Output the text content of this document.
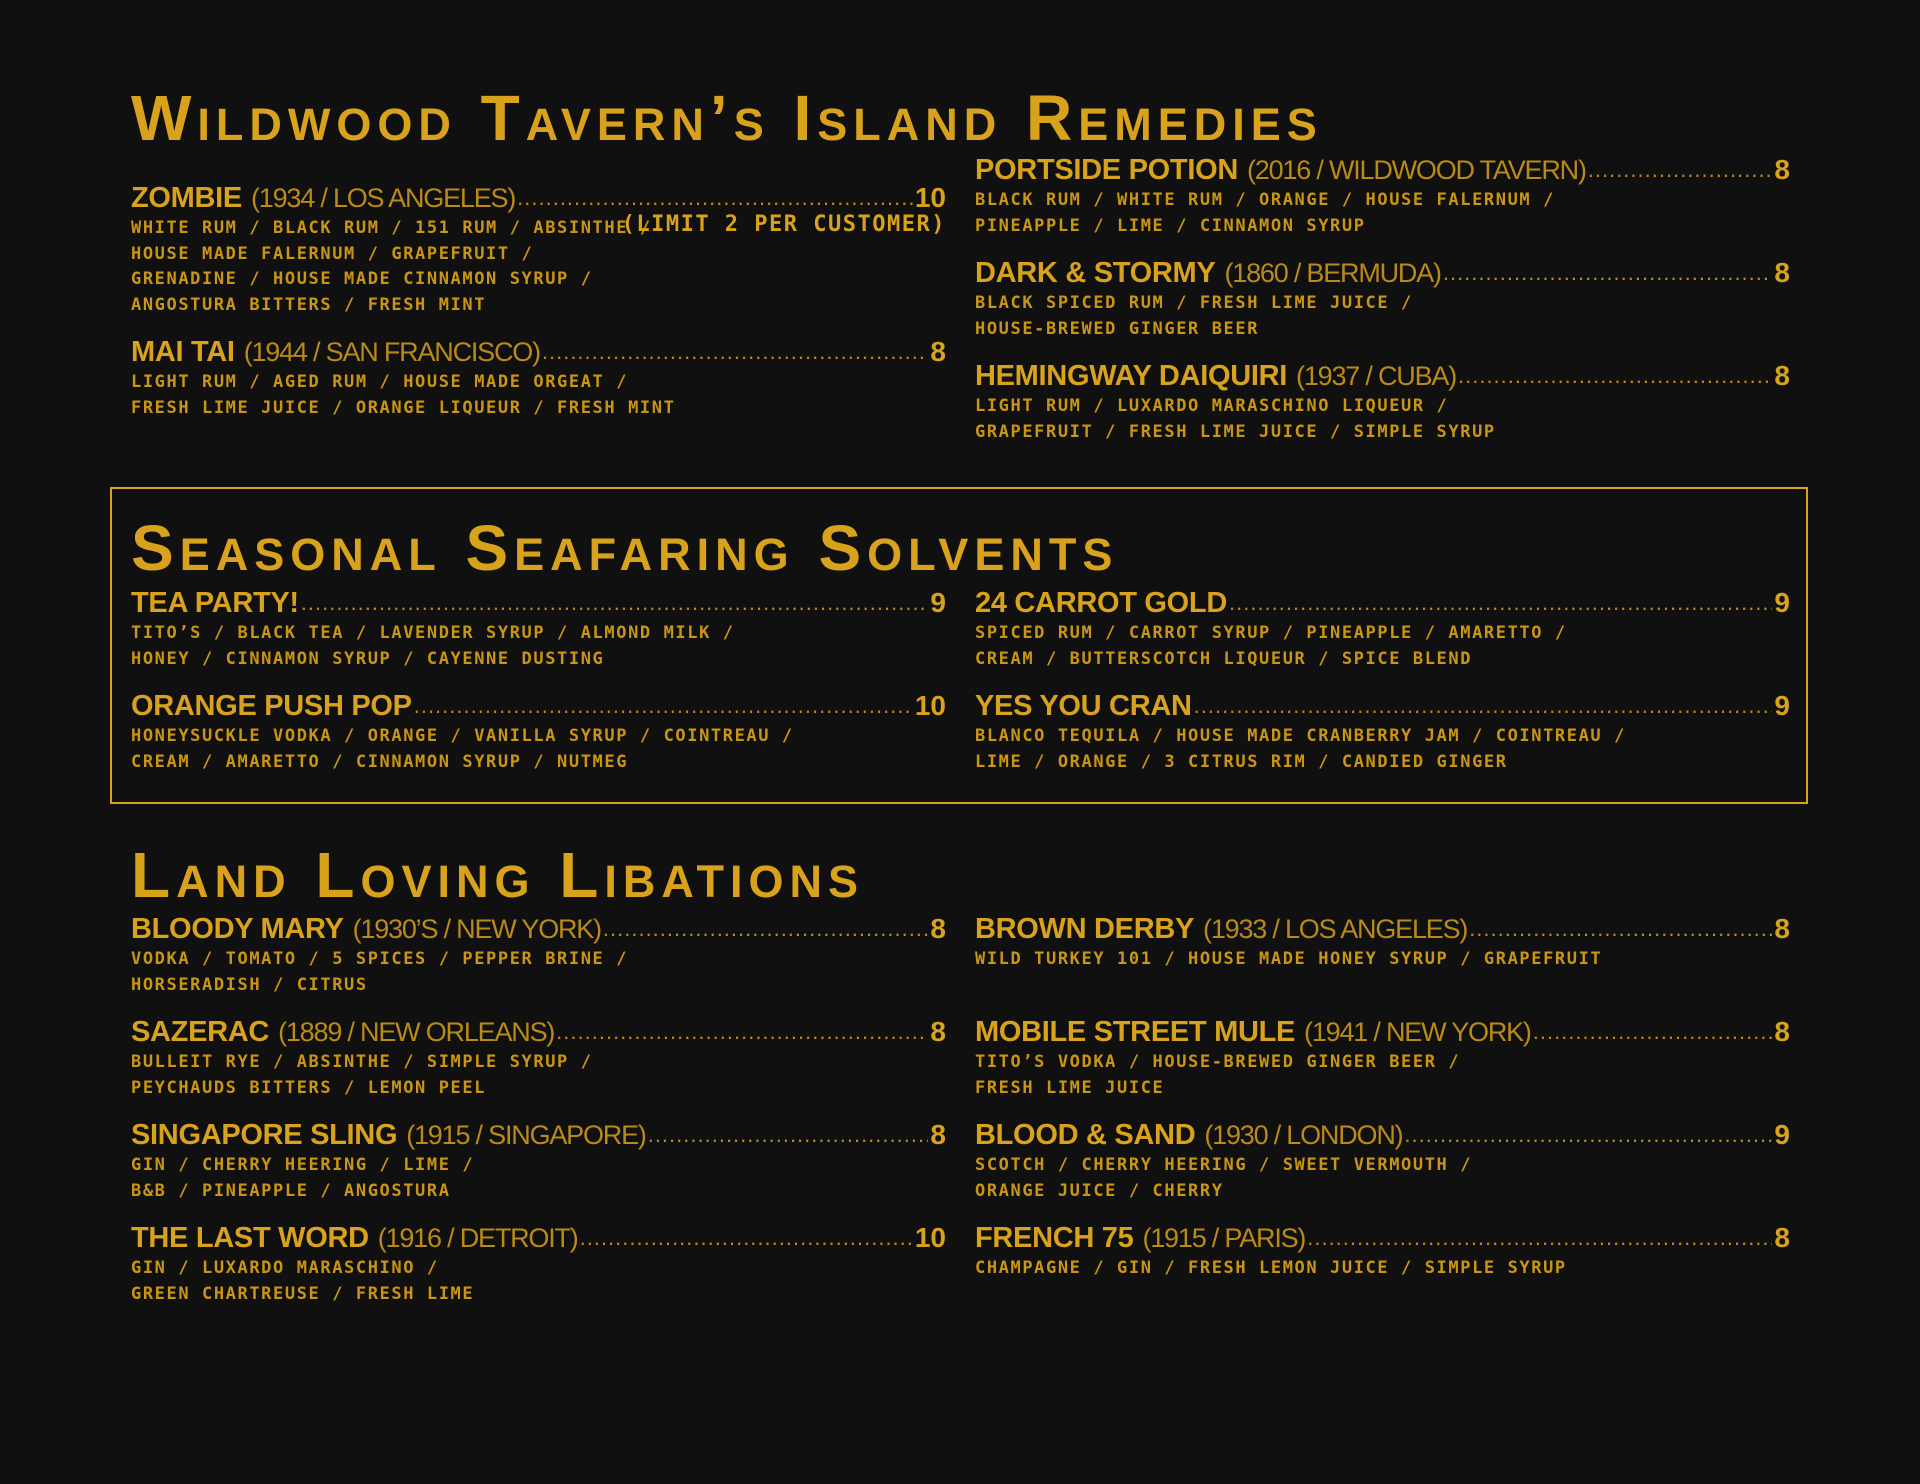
Wildwood Tavern’s Island Remedies
ZOMBIE (1934 / LOS ANGELES) .....	10
(LIMIT 2 PER CUSTOMER)
WHITE RUM / BLACK RUM / 151 RUM / ABSINTHE /
HOUSE MADE FALERNUM / GRAPEFRUIT /
GRENADINE / HOUSE MADE CINNAMON SYRUP /
ANGOSTURA BITTERS / FRESH MINT
MAI TAI (1944 / SAN FRANCISCO) .....	8
LIGHT RUM / AGED RUM / HOUSE MADE ORGEAT /
FRESH LIME JUICE / ORANGE LIQUEUR / FRESH MINT
PORTSIDE POTION (2016 / WILDWOOD TAVERN) .....	8
BLACK RUM / WHITE RUM / ORANGE / HOUSE FALERNUM /
PINEAPPLE / LIME / CINNAMON SYRUP
DARK & STORMY (1860 / BERMUDA) .....	8
BLACK SPICED RUM / FRESH LIME JUICE /
HOUSE-BREWED GINGER BEER
HEMINGWAY DAIQUIRI (1937 / CUBA) .....	8
LIGHT RUM / LUXARDO MARASCHINO LIQUEUR /
GRAPEFRUIT / FRESH LIME JUICE / SIMPLE SYRUP
Seasonal Seafaring Solvents
TEA PARTY! .....	9
TITO’S / BLACK TEA / LAVENDER SYRUP / ALMOND MILK /
HONEY / CINNAMON SYRUP / CAYENNE DUSTING
ORANGE PUSH POP .....	10
HONEYSUCKLE VODKA / ORANGE / VANILLA SYRUP / COINTREAU /
CREAM / AMARETTO / CINNAMON SYRUP / NUTMEG
24 CARROT GOLD .....	9
SPICED RUM / CARROT SYRUP / PINEAPPLE / AMARETTO /
CREAM / BUTTERSCOTCH LIQUEUR / SPICE BLEND
YES YOU CRAN .....	9
BLANCO TEQUILA / HOUSE MADE CRANBERRY JAM / COINTREAU /
LIME / ORANGE / 3 CITRUS RIM / CANDIED GINGER
Land Loving Libations
BLOODY MARY (1930’S / NEW YORK) .....	8
VODKA / TOMATO / 5 SPICES / PEPPER BRINE /
HORSERADISH / CITRUS
SAZERAC (1889 / NEW ORLEANS) .....	8
BULLEIT RYE / ABSINTHE / SIMPLE SYRUP /
PEYCHAUDS BITTERS / LEMON PEEL
SINGAPORE SLING (1915 / SINGAPORE) .....	8
GIN / CHERRY HEERING / LIME /
B&B / PINEAPPLE / ANGOSTURA
THE LAST WORD (1916 / DETROIT) .....	10
GIN / LUXARDO MARASCHINO /
GREEN CHARTREUSE / FRESH LIME
BROWN DERBY (1933 / LOS ANGELES) .....	8
WILD TURKEY 101 / HOUSE MADE HONEY SYRUP / GRAPEFRUIT
MOBILE STREET MULE (1941 / NEW YORK) .....	8
TITO’S VODKA / HOUSE-BREWED GINGER BEER /
FRESH LIME JUICE
BLOOD & SAND (1930 / LONDON) .....	9
SCOTCH / CHERRY HEERING / SWEET VERMOUTH /
ORANGE JUICE / CHERRY
FRENCH 75 (1915 / PARIS) .....	8
CHAMPAGNE / GIN / FRESH LEMON JUICE / SIMPLE SYRUP
